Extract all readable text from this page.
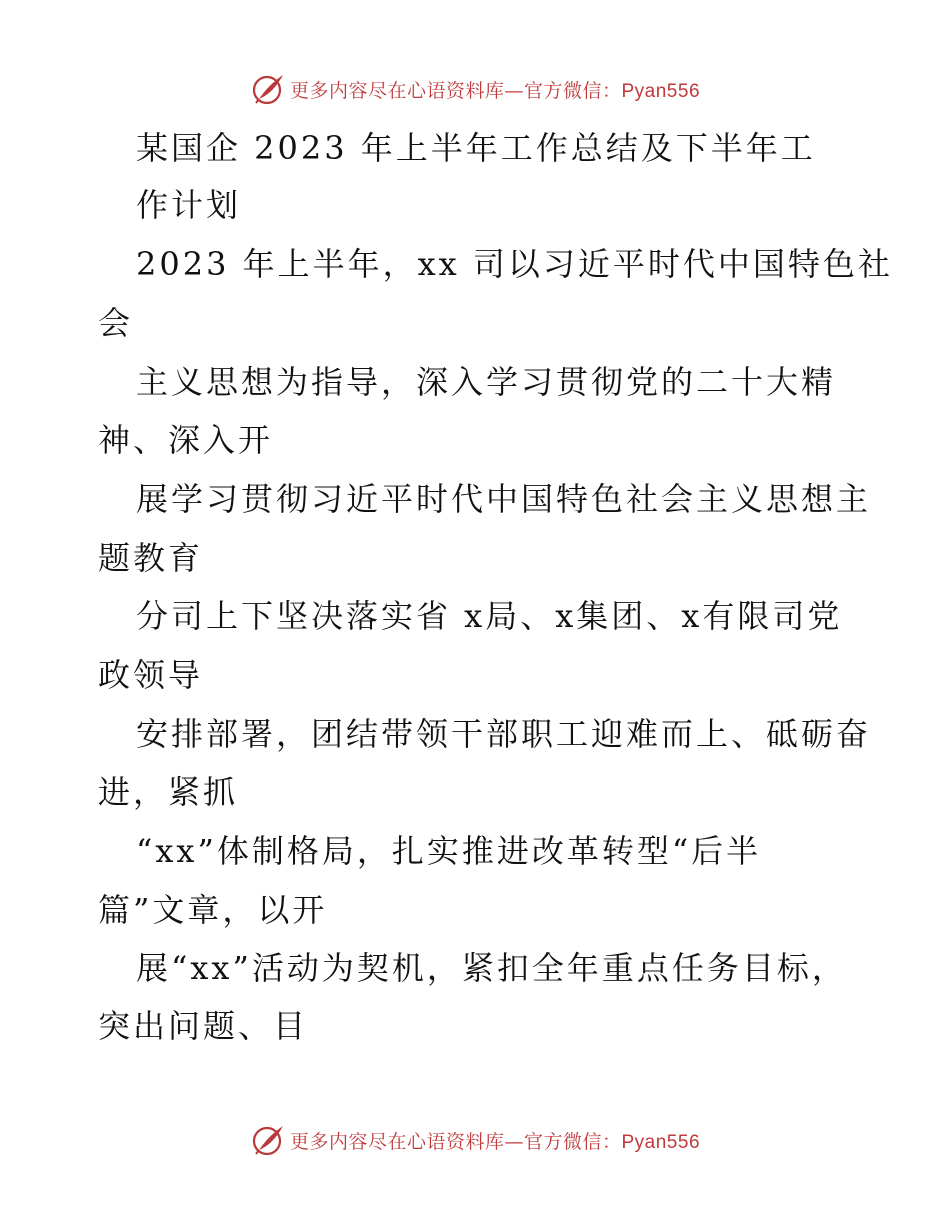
更多内容尽在心语资料库—官方微信：Pyan556
某国企 2023 年上半年工作总结及下半年工
作计划
2023 年上半年，xx 司以习近平时代中国特色社
会
主义思想为指导，深入学习贯彻党的二十大精
神、深入开
展学习贯彻习近平时代中国特色社会主义思想主
题教育
分司上下坚决落实省 x局、x集团、x有限司党
政领导
安排部署，团结带领干部职工迎难而上、砥砺奋
进，紧抓
“xx”体制格局，扎实推进改革转型“后半
篇”文章，以开
展“xx”活动为契机，紧扣全年重点任务目标，
突出问题、目
更多内容尽在心语资料库—官方微信：Pyan556
